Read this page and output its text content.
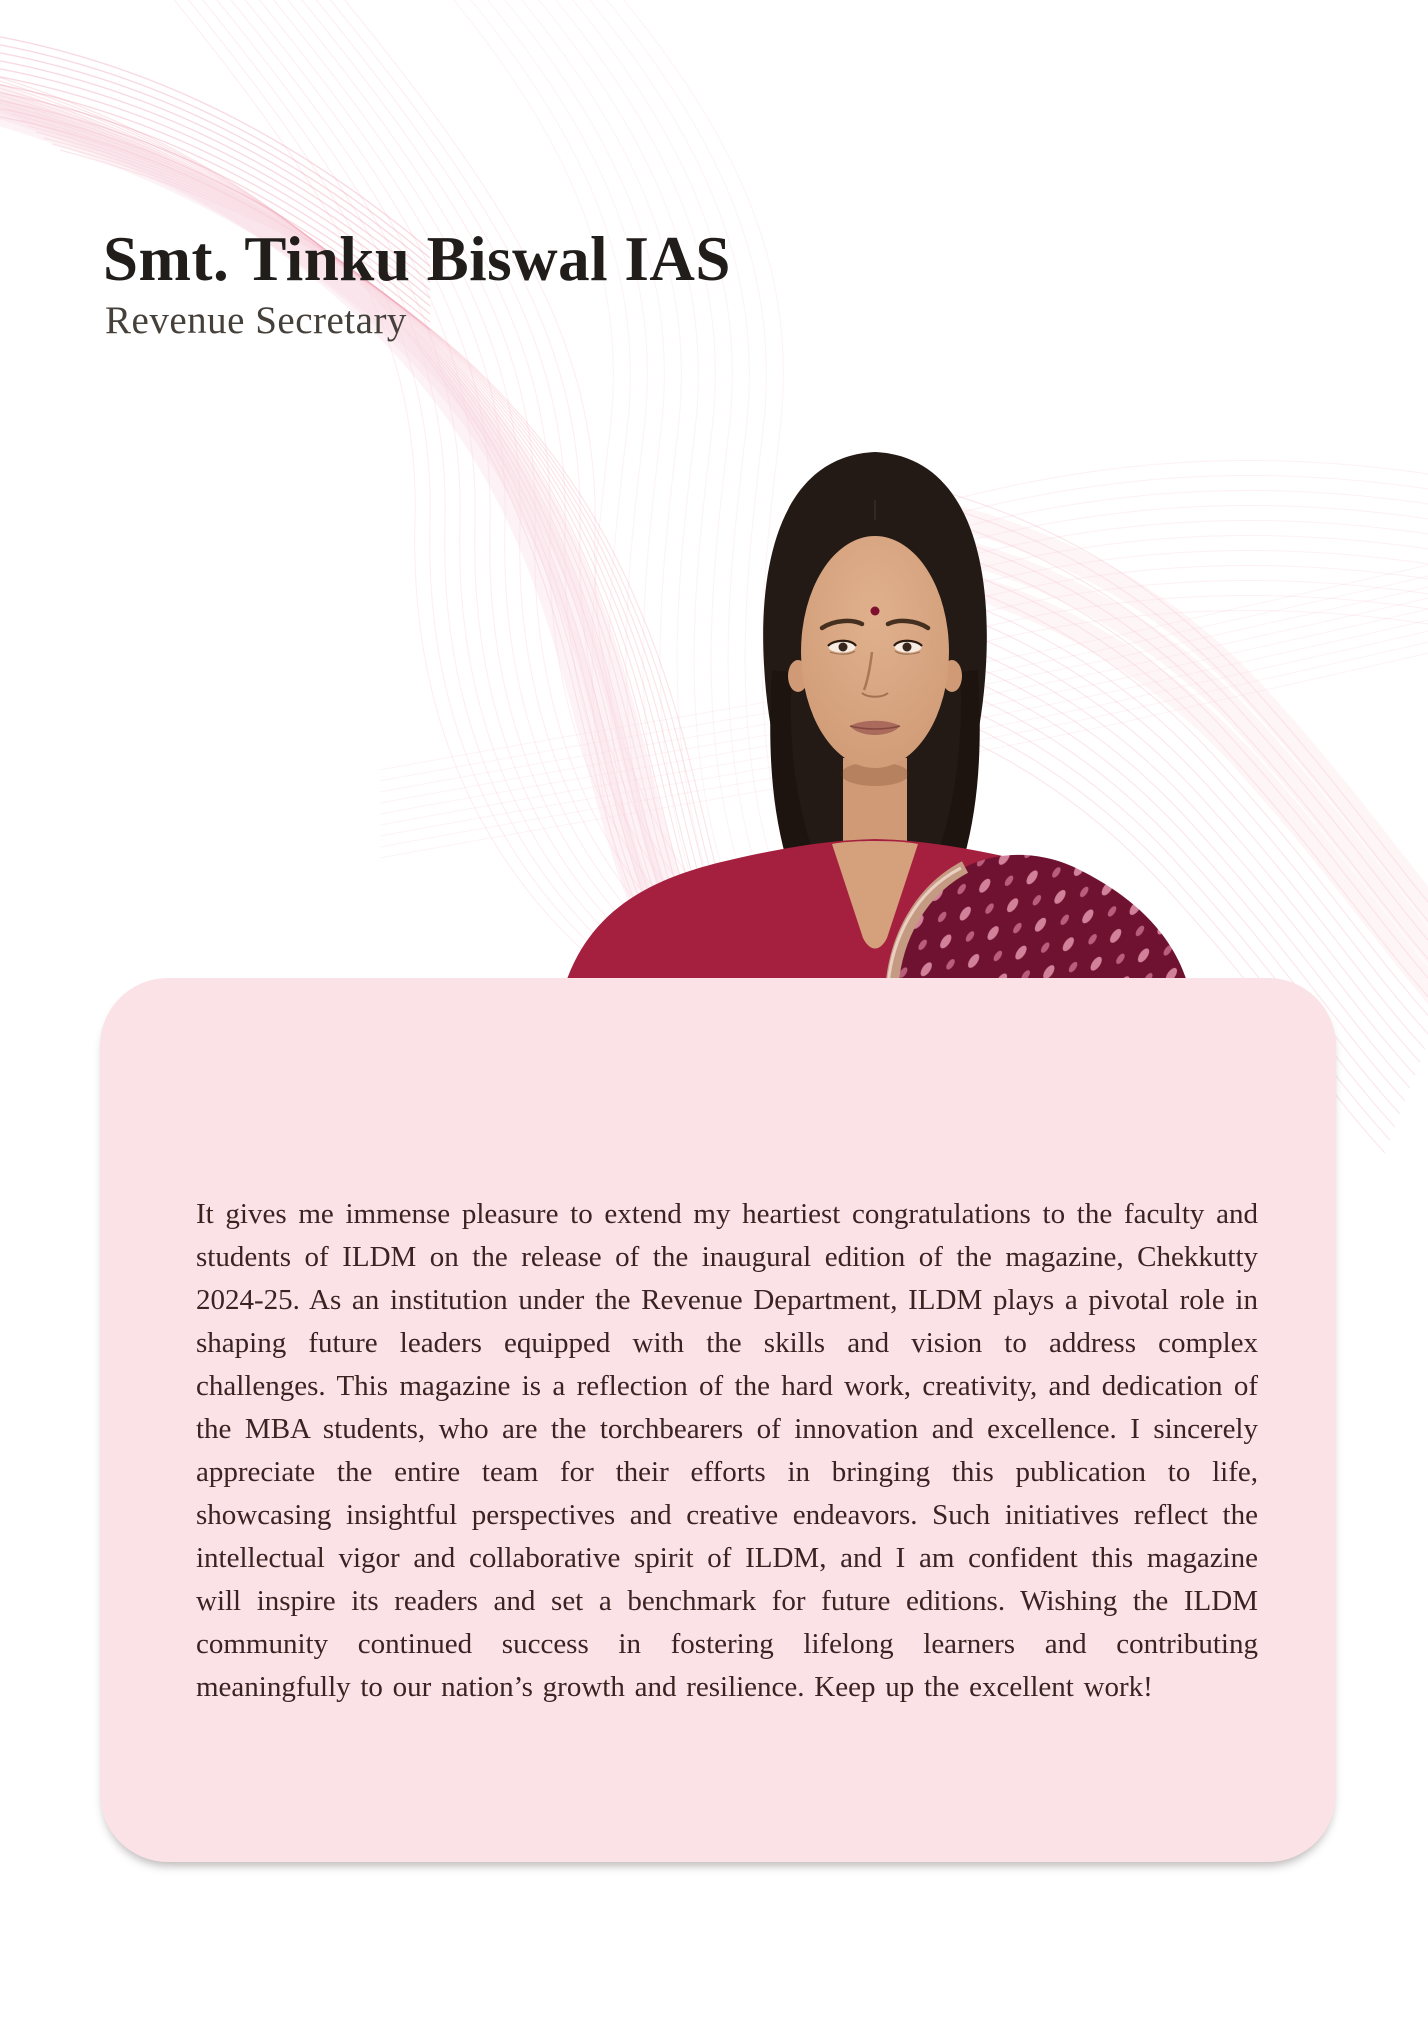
Smt. Tinku Biswal IAS
Revenue Secretary

It gives me immense pleasure to extend my heartiest congratulations to the faculty and students of ILDM on the release of the inaugural edition of the magazine, Chekkutty 2024-25. As an institution under the Revenue Department, ILDM plays a pivotal role in shaping future leaders equipped with the skills and vision to address complex challenges. This magazine is a reflection of the hard work, creativity, and dedication of the MBA students, who are the torchbearers of innovation and excellence. I sincerely appreciate the entire team for their efforts in bringing this publication to life, showcasing insightful perspectives and creative endeavors. Such initiatives reflect the intellectual vigor and collaborative spirit of ILDM, and I am confident this magazine will inspire its readers and set a benchmark for future editions. Wishing the ILDM community continued success in fostering lifelong learners and contributing meaningfully to our nation’s growth and resilience. Keep up the excellent work!
